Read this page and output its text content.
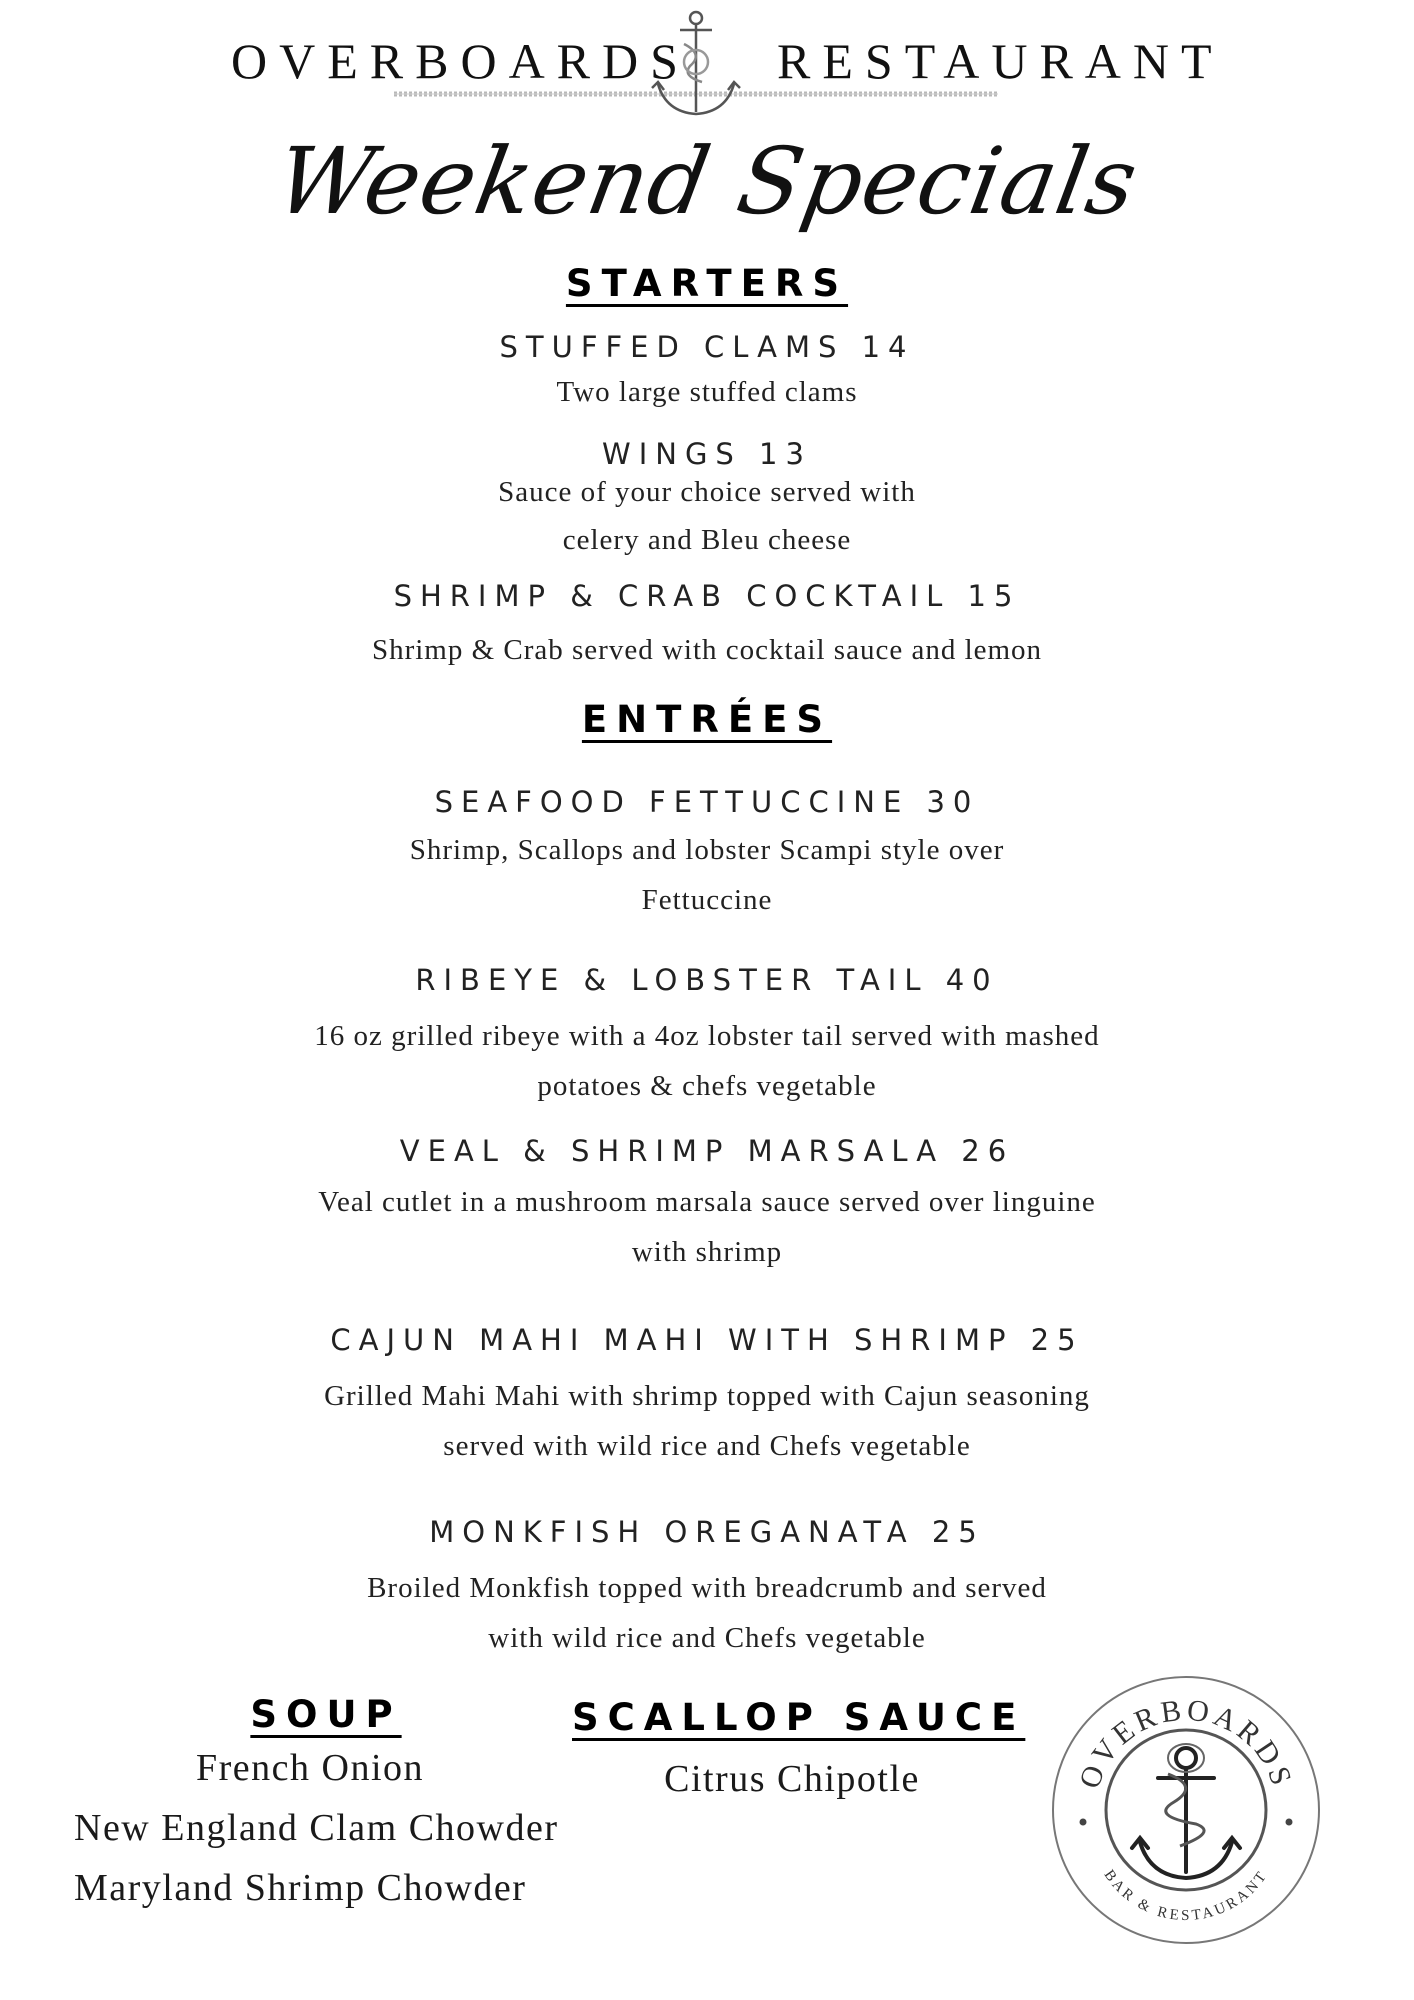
OVERBOARDS RESTAURANT
Weekend Specials
STARTERS
STUFFED CLAMS 14
Two large stuffed clams
WINGS 13
Sauce of your choice served with
celery and Bleu cheese
SHRIMP & CRAB COCKTAIL 15
Shrimp & Crab served with cocktail sauce and lemon
ENTRÉES
SEAFOOD FETTUCCINE 30
Shrimp, Scallops and lobster Scampi style over
Fettuccine
RIBEYE & LOBSTER TAIL 40
16 oz grilled ribeye with a 4oz lobster tail served with mashed
potatoes & chefs vegetable
VEAL & SHRIMP MARSALA 26
Veal cutlet in a mushroom marsala sauce served over linguine
with shrimp
CAJUN MAHI MAHI WITH SHRIMP 25
Grilled Mahi Mahi with shrimp topped with Cajun seasoning
served with wild rice and Chefs vegetable
MONKFISH OREGANATA 25
Broiled Monkfish topped with breadcrumb and served
with wild rice and Chefs vegetable
SOUP
French Onion
New England Clam Chowder
Maryland Shrimp Chowder
SCALLOP SAUCE
Citrus Chipotle	OVERBOARDS
BAR & RESTAURANT
